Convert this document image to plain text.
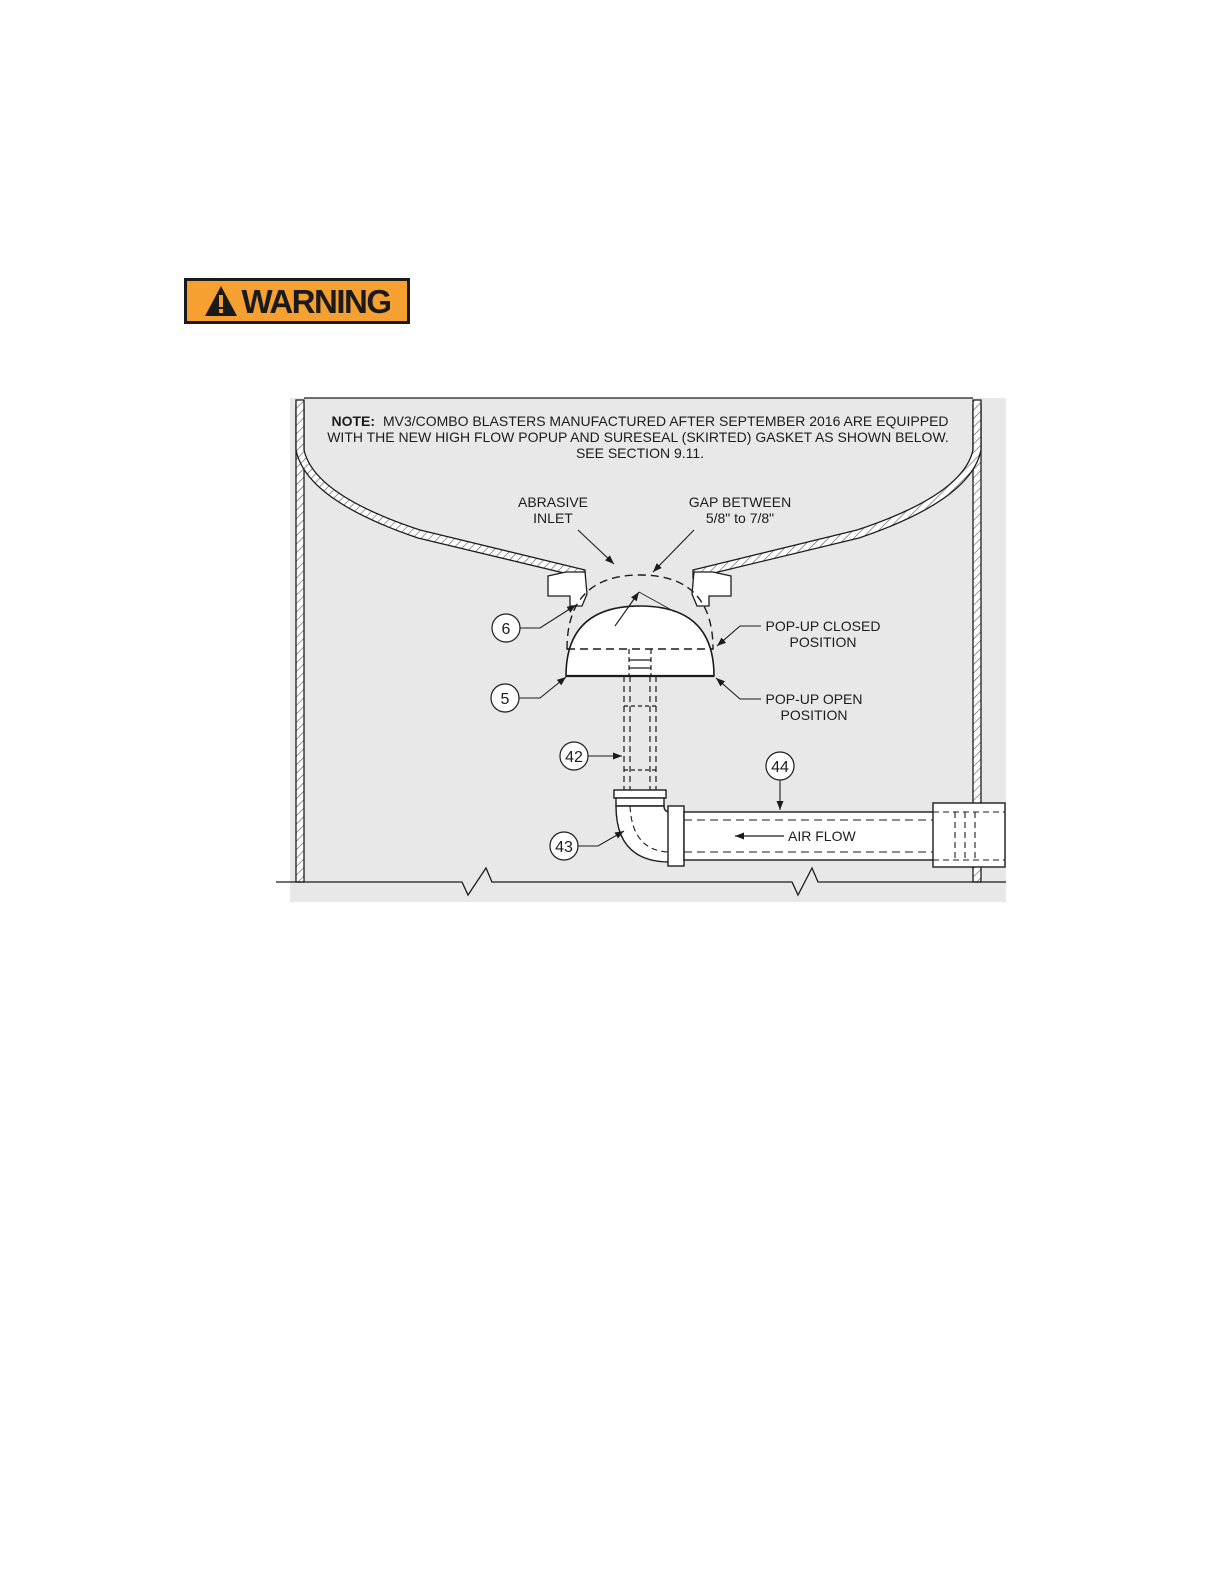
WARNING
NOTE: MV3/COMBO BLASTERS MANUFACTURED AFTER SEPTEMBER 2016 ARE EQUIPPED
WITH THE NEW HIGH FLOW POPUP AND SURESEAL (SKIRTED) GASKET AS SHOWN BELOW.
SEE SECTION 9.11.
ABRASIVE
INLET
GAP BETWEEN
5/8" to 7/8"
POP-UP CLOSED
POSITION
POP-UP OPEN
POSITION
6
5
42
43
44
AIR FLOW
